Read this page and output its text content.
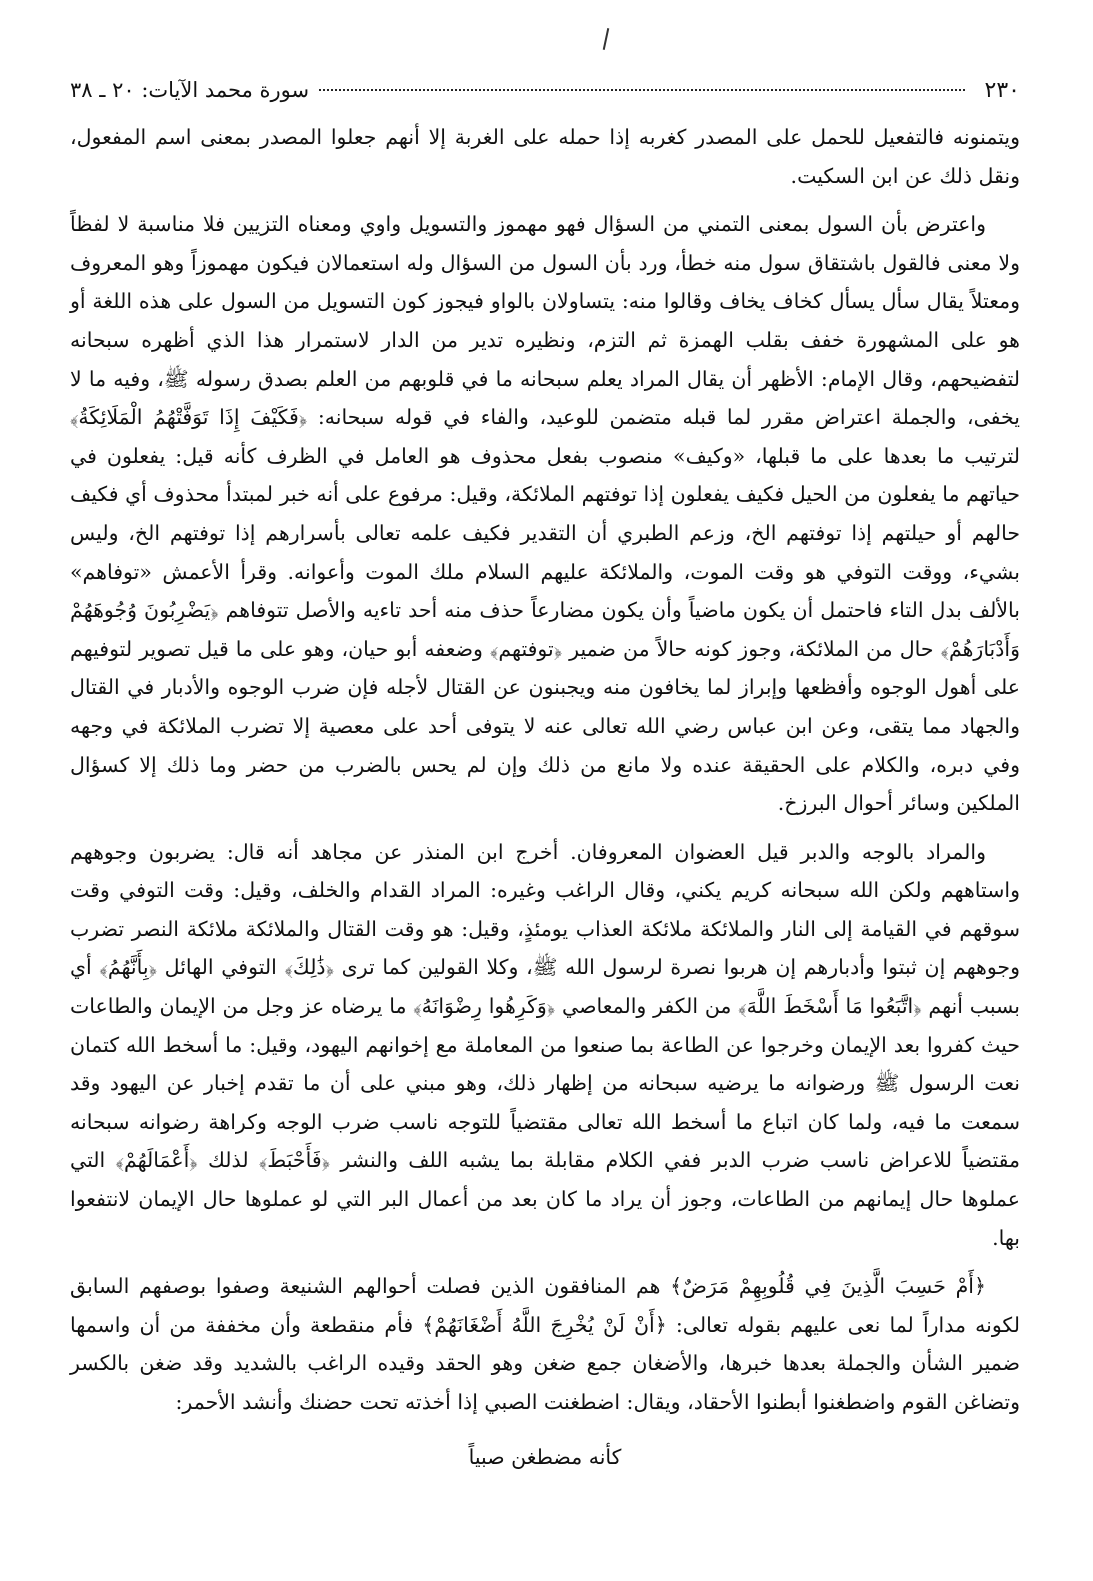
٢٣٠
سورة محمد الآيات: ٢٠ ـ ٣٨

ويتمنونه فالتفعيل للحمل على المصدر كغربه إذا حمله على الغربة إلا أنهم جعلوا المصدر بمعنى اسم المفعول، ونقل ذلك عن ابن السكيت.

واعترض بأن السول بمعنى التمني من السؤال فهو مهموز والتسويل واوي ومعناه التزيين فلا مناسبة لا لفظاً ولا معنى فالقول باشتقاق سول منه خطأ، ورد بأن السول من السؤال وله استعمالان فيكون مهموزاً وهو المعروف ومعتلاً يقال سأل يسأل كخاف يخاف وقالوا منه: يتساولان بالواو فيجوز كون التسويل من السول على هذه اللغة أو هو على المشهورة خفف بقلب الهمزة ثم التزم، ونظيره تدير من الدار لاستمرار هذا الذي أظهره سبحانه لتفضيحهم، وقال الإمام: الأظهر أن يقال المراد يعلم سبحانه ما في قلوبهم من العلم بصدق رسوله ﷺ، وفيه ما لا يخفى، والجملة اعتراض مقرر لما قبله متضمن للوعيد، والفاء في قوله سبحانه: ﴿فَكَيْفَ إِذَا تَوَفَّتْهُمُ الْمَلَائِكَةُ﴾ لترتيب ما بعدها على ما قبلها، «وكيف» منصوب بفعل محذوف هو العامل في الظرف كأنه قيل: يفعلون في حياتهم ما يفعلون من الحيل فكيف يفعلون إذا توفتهم الملائكة، وقيل: مرفوع على أنه خبر لمبتدأ محذوف أي فكيف حالهم أو حيلتهم إذا توفتهم الخ، وزعم الطبري أن التقدير فكيف علمه تعالى بأسرارهم إذا توفتهم الخ، وليس بشيء، ووقت التوفي هو وقت الموت، والملائكة عليهم السلام ملك الموت وأعوانه. وقرأ الأعمش «توفاهم» بالألف بدل التاء فاحتمل أن يكون ماضياً وأن يكون مضارعاً حذف منه أحد تاءيه والأصل تتوفاهم ﴿يَضْرِبُونَ وُجُوهَهُمْ وَأَدْبَارَهُمْ﴾ حال من الملائكة، وجوز كونه حالاً من ضمير ﴿توفتهم﴾ وضعفه أبو حيان، وهو على ما قيل تصوير لتوفيهم على أهول الوجوه وأفظعها وإبراز لما يخافون منه ويجبنون عن القتال لأجله فإن ضرب الوجوه والأدبار في القتال والجهاد مما يتقى، وعن ابن عباس رضي الله تعالى عنه لا يتوفى أحد على معصية إلا تضرب الملائكة في وجهه وفي دبره، والكلام على الحقيقة عنده ولا مانع من ذلك وإن لم يحس بالضرب من حضر وما ذلك إلا كسؤال الملكين وسائر أحوال البرزخ.

والمراد بالوجه والدبر قيل العضوان المعروفان. أخرج ابن المنذر عن مجاهد أنه قال: يضربون وجوههم واستاههم ولكن الله سبحانه كريم يكني، وقال الراغب وغيره: المراد القدام والخلف، وقيل: وقت التوفي وقت سوقهم في القيامة إلى النار والملائكة ملائكة العذاب يومئذٍ، وقيل: هو وقت القتال والملائكة ملائكة النصر تضرب وجوههم إن ثبتوا وأدبارهم إن هربوا نصرة لرسول الله ﷺ، وكلا القولين كما ترى ﴿ذَٰلِكَ﴾ التوفي الهائل ﴿بِأَنَّهُمُ﴾ أي بسبب أنهم ﴿اتَّبَعُوا مَا أَسْخَطَ اللَّهَ﴾ من الكفر والمعاصي ﴿وَكَرِهُوا رِضْوَانَهُ﴾ ما يرضاه عز وجل من الإيمان والطاعات حيث كفروا بعد الإيمان وخرجوا عن الطاعة بما صنعوا من المعاملة مع إخوانهم اليهود، وقيل: ما أسخط الله كتمان نعت الرسول ﷺ ورضوانه ما يرضيه سبحانه من إظهار ذلك، وهو مبني على أن ما تقدم إخبار عن اليهود وقد سمعت ما فيه، ولما كان اتباع ما أسخط الله تعالى مقتضياً للتوجه ناسب ضرب الوجه وكراهة رضوانه سبحانه مقتضياً للاعراض ناسب ضرب الدبر ففي الكلام مقابلة بما يشبه اللف والنشر ﴿فَأَحْبَطَ﴾ لذلك ﴿أَعْمَالَهُمْ﴾ التي عملوها حال إيمانهم من الطاعات، وجوز أن يراد ما كان بعد من أعمال البر التي لو عملوها حال الإيمان لانتفعوا بها.

﴿أَمْ حَسِبَ الَّذِينَ فِي قُلُوبِهِمْ مَرَضٌ﴾ هم المنافقون الذين فصلت أحوالهم الشنيعة وصفوا بوصفهم السابق لكونه مداراً لما نعى عليهم بقوله تعالى: ﴿أَنْ لَنْ يُخْرِجَ اللَّهُ أَضْغَانَهُمْ﴾ فأم منقطعة وأن مخففة من أن واسمها ضمير الشأن والجملة بعدها خبرها، والأضغان جمع ضغن وهو الحقد وقيده الراغب بالشديد وقد ضغن بالكسر وتضاغن القوم واضطغنوا أبطنوا الأحقاد، ويقال: اضطغنت الصبي إذا أخذته تحت حضنك وأنشد الأحمر:

كأنه مضطغن صبياً
